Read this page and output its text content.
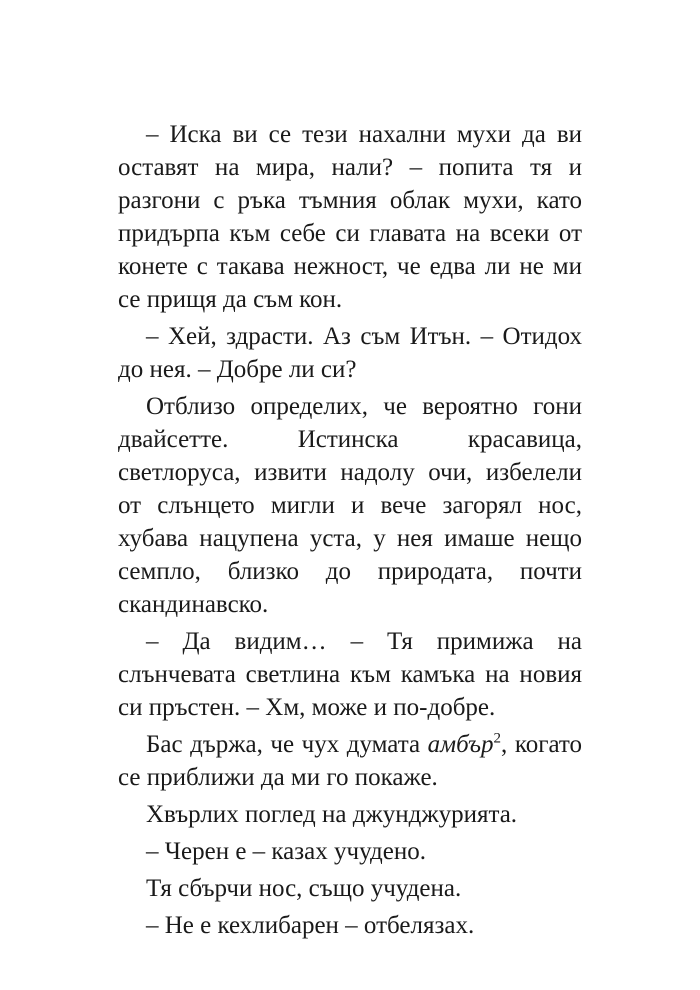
– Иска ви се тези нахални мухи да ви оставят на мира, нали? – попита тя и разгони с ръка тъмния облак мухи, като придърпа към себе си главата на всеки от конете с такава нежност, че едва ли не ми се прищя да съм кон.

– Хей, здрасти. Аз съм Итън. – Отидох до нея. – Добре ли си?

Отблизо определих, че вероятно гони двайсетте. Истинска красавица, светлоруса, извити надолу очи, избелели от слънцето мигли и вече загорял нос, хубава нацупена уста, у нея имаше нещо семпло, близко до природата, почти скандинавско.

– Да видим… – Тя примижа на слънчевата светлина към камъка на новия си пръстен. – Хм, може и по-добре.

Бас държа, че чух думата амбър$^2$, когато се приближи да ми го покаже.

Хвърлих поглед на джунджурията.

– Черен е – казах учудено.

Тя сбърчи нос, също учудена.

– Не е кехлибарен – отбелязах.
